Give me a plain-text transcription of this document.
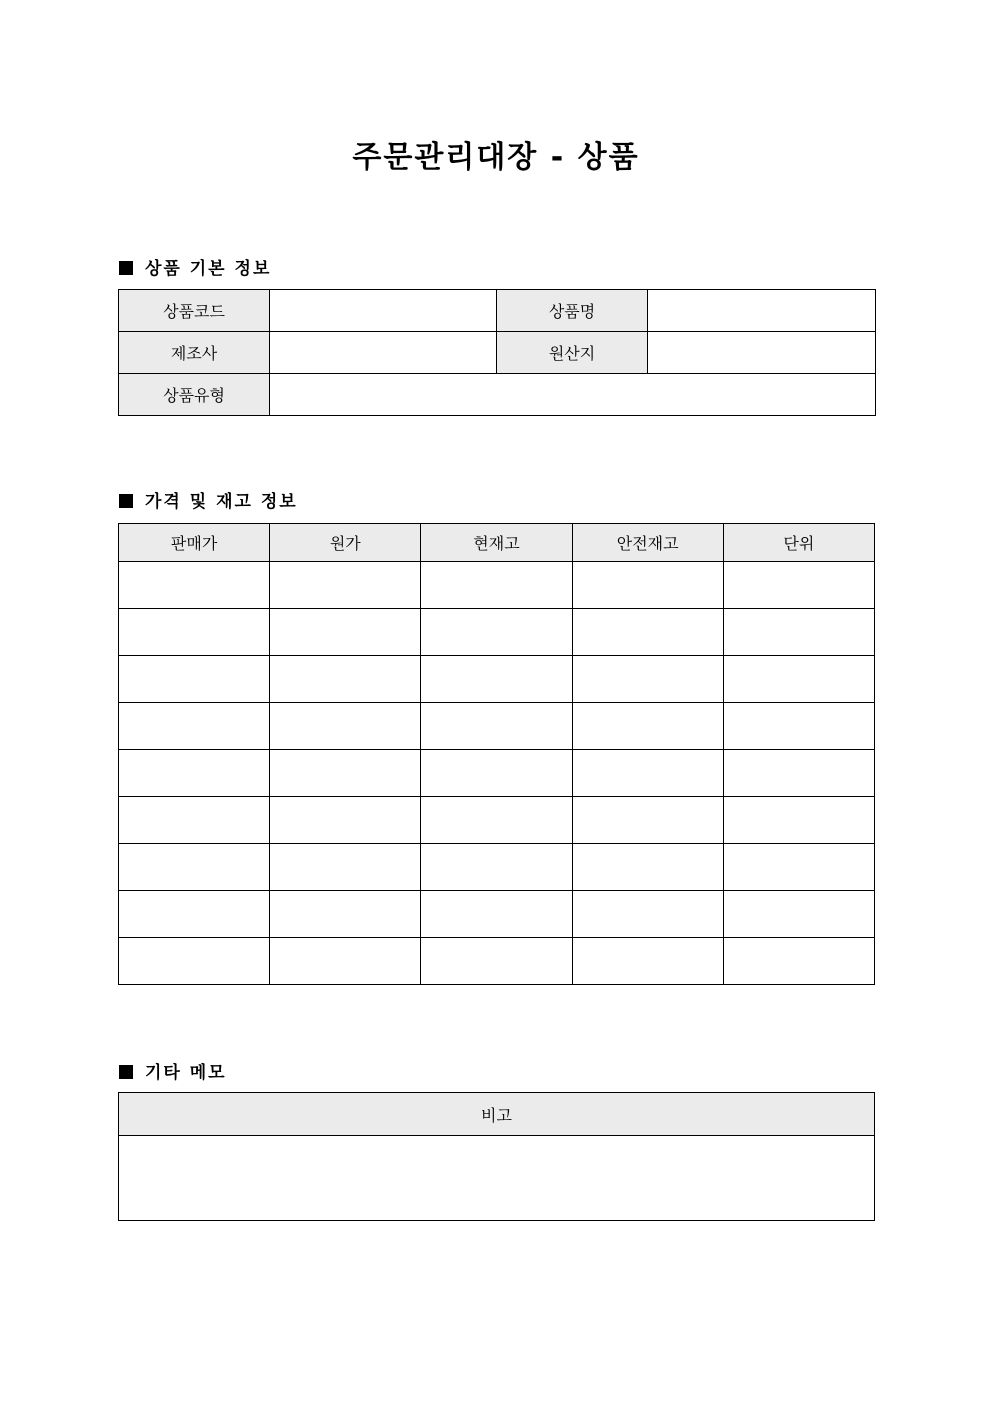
주문관리대장 - 상품
상품 기본 정보
상품코드		상품명	
제조사		원산지	
상품유형			
가격 및 재고 정보
판매가	원가	현재고	안전재고	단위

기타 메모
비고
